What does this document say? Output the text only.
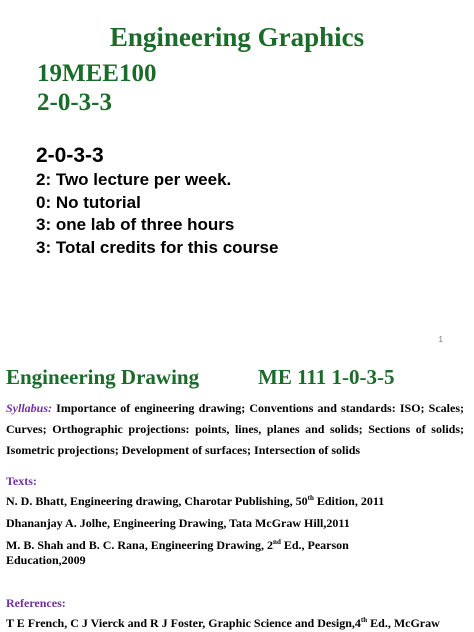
Engineering Graphics
19MEE100
2-0-3-3
2-0-3-3
2: Two lecture per week.
0: No tutorial
3: one lab of three hours
3: Total credits for this course
1
Engineering Drawing	ME 111 1-0-3-5
Syllabus: Importance of engineering drawing; Conventions and standards: ISO; Scales; Curves; Orthographic projections: points, lines, planes and solids; Sections of solids; Isometric projections; Development of surfaces; Intersection of solids
Texts:
N. D. Bhatt, Engineering drawing, Charotar Publishing, 50th Edition, 2011
Dhananjay A. Jolhe, Engineering Drawing, Tata McGraw Hill,2011
M. B. Shah and B. C. Rana, Engineering Drawing, 2nd Ed., Pearson
Education,2009
References:
T E French, C J Vierck and R J Foster, Graphic Science and Design,4th Ed., McGraw
